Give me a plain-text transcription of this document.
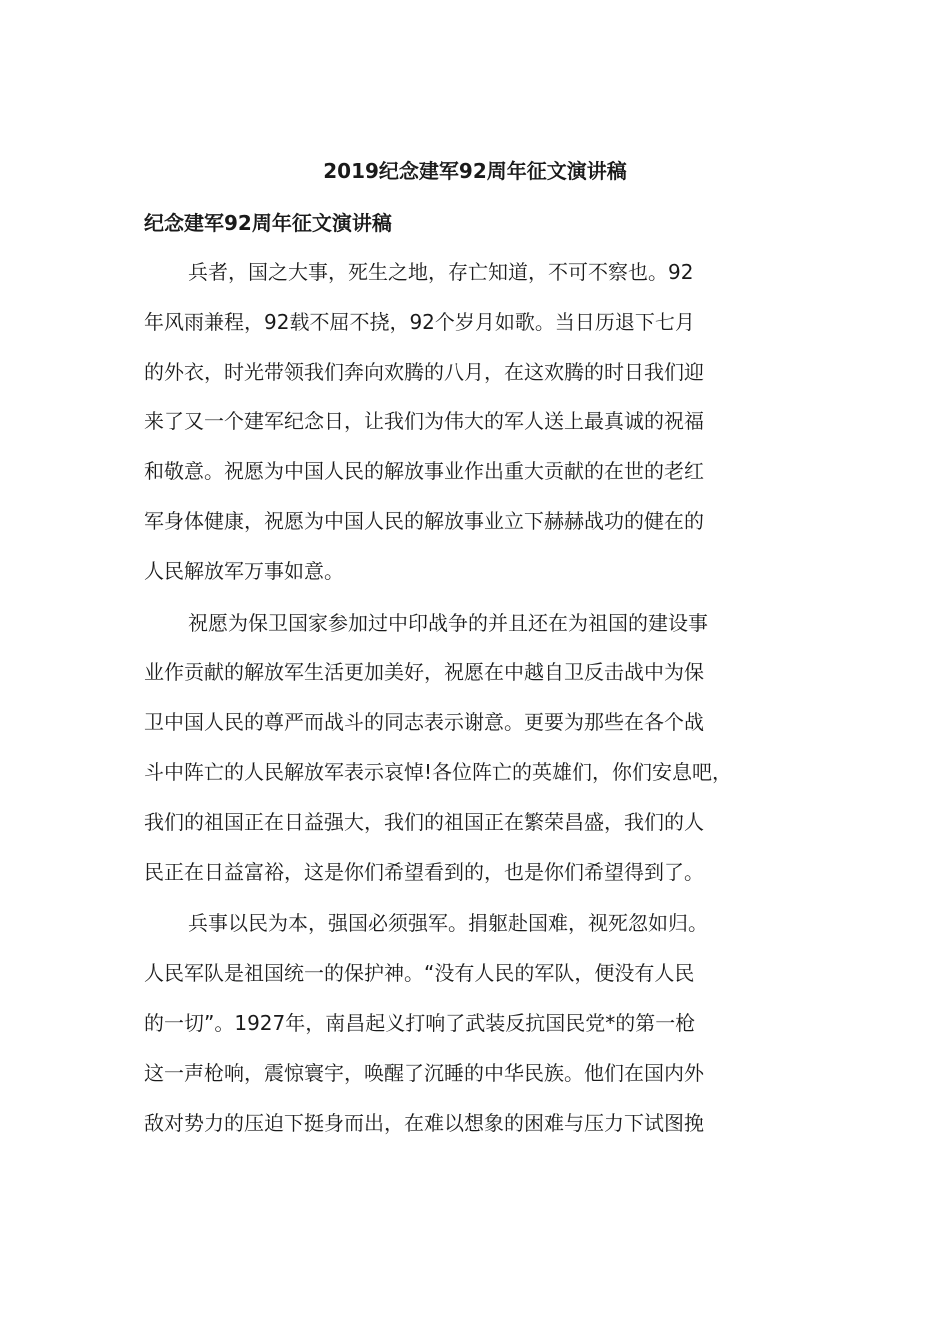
2019纪念建军92周年征文演讲稿
纪念建军92周年征文演讲稿
兵者，国之大事，死生之地，存亡知道，不可不察也。92
年风雨兼程，92载不屈不挠，92个岁月如歌。当日历退下七月
的外衣，时光带领我们奔向欢腾的八月，在这欢腾的时日我们迎
来了又一个建军纪念日，让我们为伟大的军人送上最真诚的祝福
和敬意。祝愿为中国人民的解放事业作出重大贡献的在世的老红
军身体健康，祝愿为中国人民的解放事业立下赫赫战功的健在的
人民解放军万事如意。
祝愿为保卫国家参加过中印战争的并且还在为祖国的建设事
业作贡献的解放军生活更加美好，祝愿在中越自卫反击战中为保
卫中国人民的尊严而战斗的同志表示谢意。更要为那些在各个战
斗中阵亡的人民解放军表示哀悼!各位阵亡的英雄们，你们安息吧，
我们的祖国正在日益强大，我们的祖国正在繁荣昌盛，我们的人
民正在日益富裕，这是你们希望看到的，也是你们希望得到了。
兵事以民为本，强国必须强军。捐躯赴国难，视死忽如归。
人民军队是祖国统一的保护神。“没有人民的军队，便没有人民
的一切”。1927年，南昌起义打响了武装反抗国民党*的第一枪
这一声枪响，震惊寰宇，唤醒了沉睡的中华民族。他们在国内外
敌对势力的压迫下挺身而出，在难以想象的困难与压力下试图挽
